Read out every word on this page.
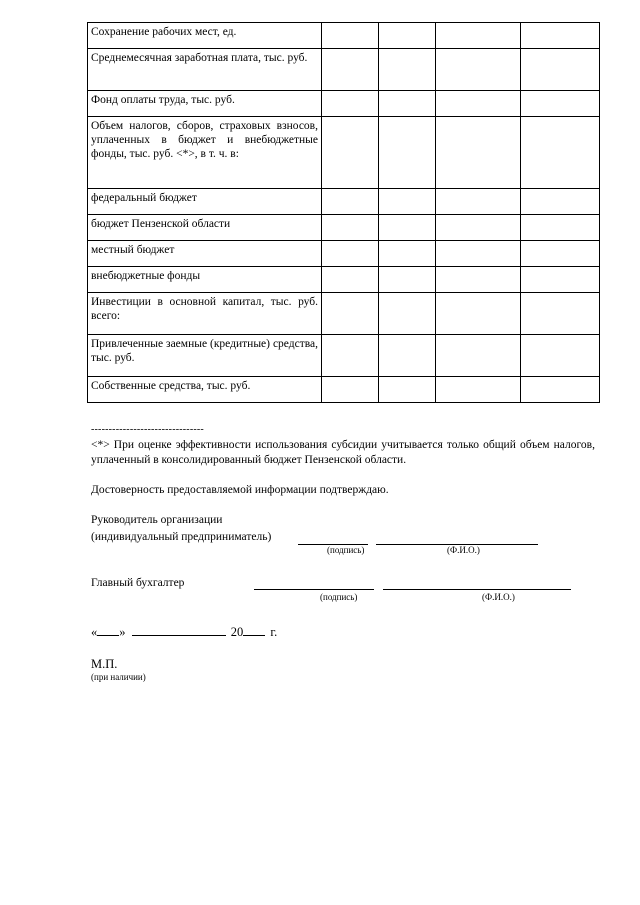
Сохранение рабочих мест, ед.				
Среднемесячная заработная плата, тыс. руб.				
Фонд оплаты труда, тыс. руб.				
Объем налогов, сборов, страховых взносов, уплаченных в бюджет и внебюджетные фонды, тыс. руб. <*>, в т. ч. в:				
федеральный бюджет				
бюджет Пензенской области				
местный бюджет				
внебюджетные фонды				
Инвестиции в основной капитал, тыс. руб. всего:				
Привлеченные заемные (кредитные) средства, тыс. руб.				
Собственные средства, тыс. руб.				
--------------------------------
<*> При оценке эффективности использования субсидии учитывается только общий объем налогов, уплаченный в консолидированный бюджет Пензенской области.
Достоверность предоставляемой информации подтверждаю.
Руководитель организации
(индивидуальный предприниматель)
(подпись)	(Ф.И.О.)
Главный бухгалтер
(подпись)	(Ф.И.О.)
« »	20 г.
М.П.
(при наличии)
